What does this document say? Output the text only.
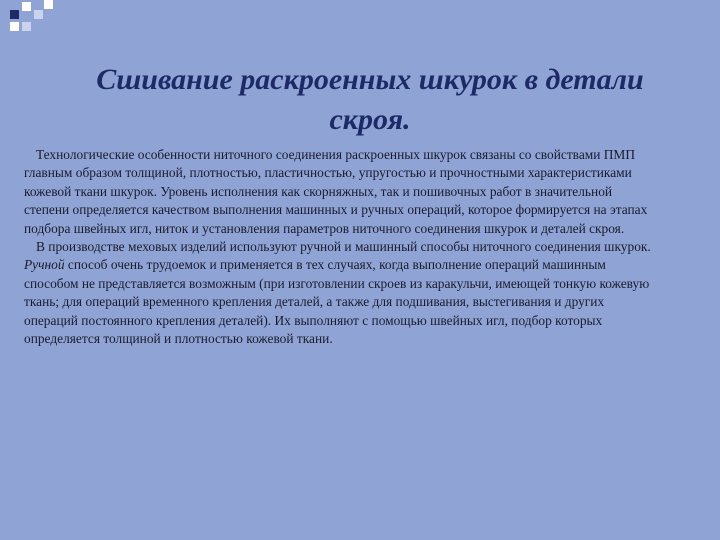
Сшивание раскроенных шкурок в детали скроя.

Технологические особенности ниточного соединения раскроенных шкурок связаны со свойствами ПМП главным образом толщиной, плотностью, пластичностью, упругостью и прочностными характеристиками кожевой ткани шкурок. Уровень исполнения как скорняжных, так и пошивочных работ в значительной степени определяется качеством выполнения машинных и ручных операций, которое формируется на этапах подбора швейных игл, ниток и установления параметров ниточного соединения шкурок и деталей скроя.

В производстве меховых изделий используют ручной и машинный способы ниточного соединения шкурок. Ручной способ очень трудоемок и применяется в тех случаях, когда выполнение операций машинным способом не представляется возможным (при изготовлении скроев из каракульчи, имеющей тонкую кожевую ткань; для операций временного крепления деталей, а также для подшивания, выстегивания и других операций постоянного крепления деталей). Их выполняют с помощью швейных игл, подбор которых определяется толщиной и плотностью кожевой ткани.
